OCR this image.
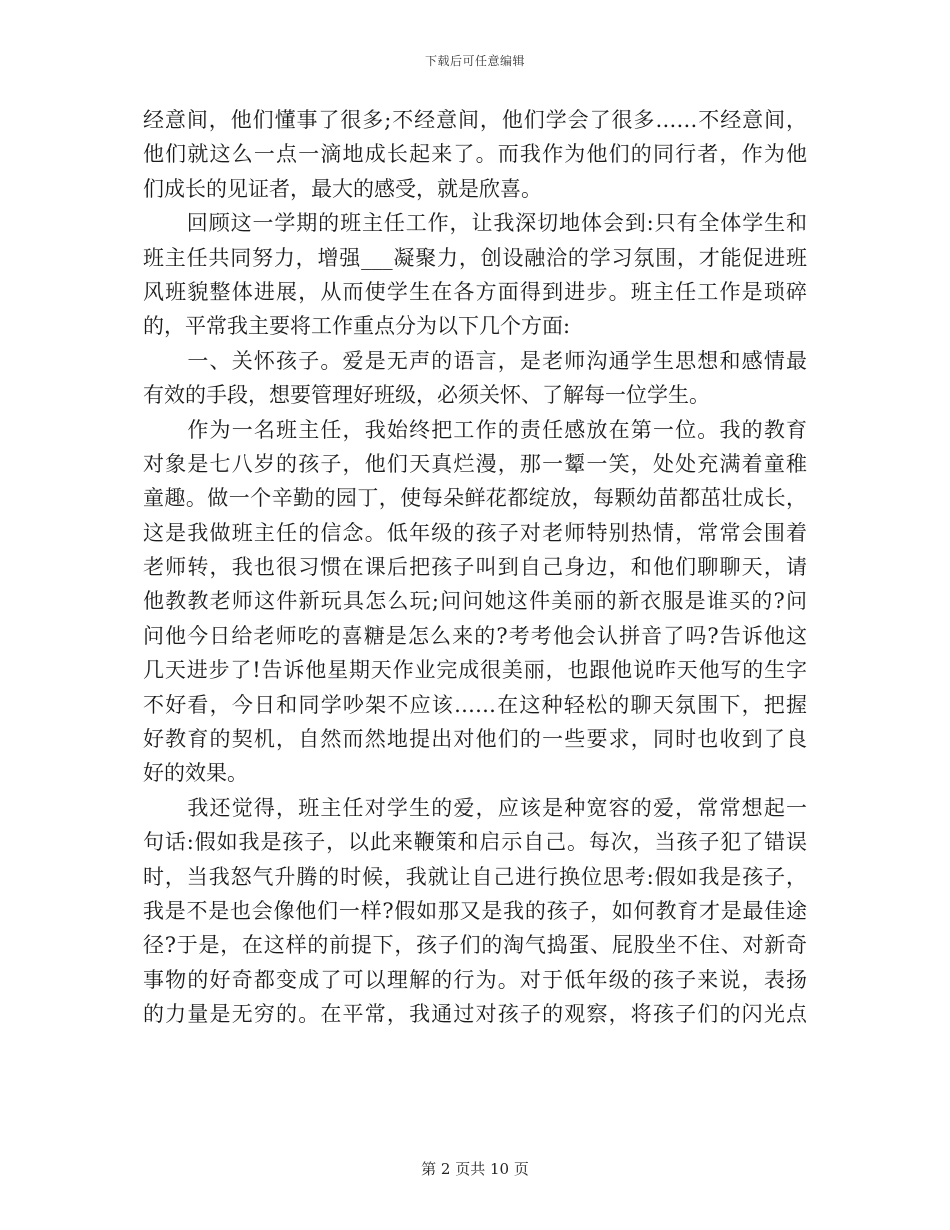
下载后可任意编辑
经意间，他们懂事了很多;不经意间，他们学会了很多……不经意间，
他们就这么一点一滴地成长起来了。而我作为他们的同行者，作为他
们成长的见证者，最大的感受，就是欣喜。
　　回顾这一学期的班主任工作，让我深切地体会到:只有全体学生和
班主任共同努力，增强___凝聚力，创设融洽的学习氛围，才能促进班
风班貌整体进展，从而使学生在各方面得到进步。班主任工作是琐碎
的，平常我主要将工作重点分为以下几个方面:
　　一、关怀孩子。爱是无声的语言，是老师沟通学生思想和感情最
有效的手段，想要管理好班级，必须关怀、了解每一位学生。
　　作为一名班主任，我始终把工作的责任感放在第一位。我的教育
对象是七八岁的孩子，他们天真烂漫，那一颦一笑，处处充满着童稚
童趣。做一个辛勤的园丁，使每朵鲜花都绽放，每颗幼苗都茁壮成长，
这是我做班主任的信念。低年级的孩子对老师特别热情，常常会围着
老师转，我也很习惯在课后把孩子叫到自己身边，和他们聊聊天，请
他教教老师这件新玩具怎么玩;问问她这件美丽的新衣服是谁买的?问
问他今日给老师吃的喜糖是怎么来的?考考他会认拼音了吗?告诉他这
几天进步了!告诉他星期天作业完成很美丽，也跟他说昨天他写的生字
不好看，今日和同学吵架不应该……在这种轻松的聊天氛围下，把握
好教育的契机，自然而然地提出对他们的一些要求，同时也收到了良
好的效果。
　　我还觉得，班主任对学生的爱，应该是种宽容的爱，常常想起一
句话:假如我是孩子，以此来鞭策和启示自己。每次，当孩子犯了错误
时，当我怒气升腾的时候，我就让自己进行换位思考:假如我是孩子，
我是不是也会像他们一样?假如那又是我的孩子，如何教育才是最佳途
径?于是，在这样的前提下，孩子们的淘气捣蛋、屁股坐不住、对新奇
事物的好奇都变成了可以理解的行为。对于低年级的孩子来说，表扬
的力量是无穷的。在平常，我通过对孩子的观察，将孩子们的闪光点
第 2 页共 10 页
